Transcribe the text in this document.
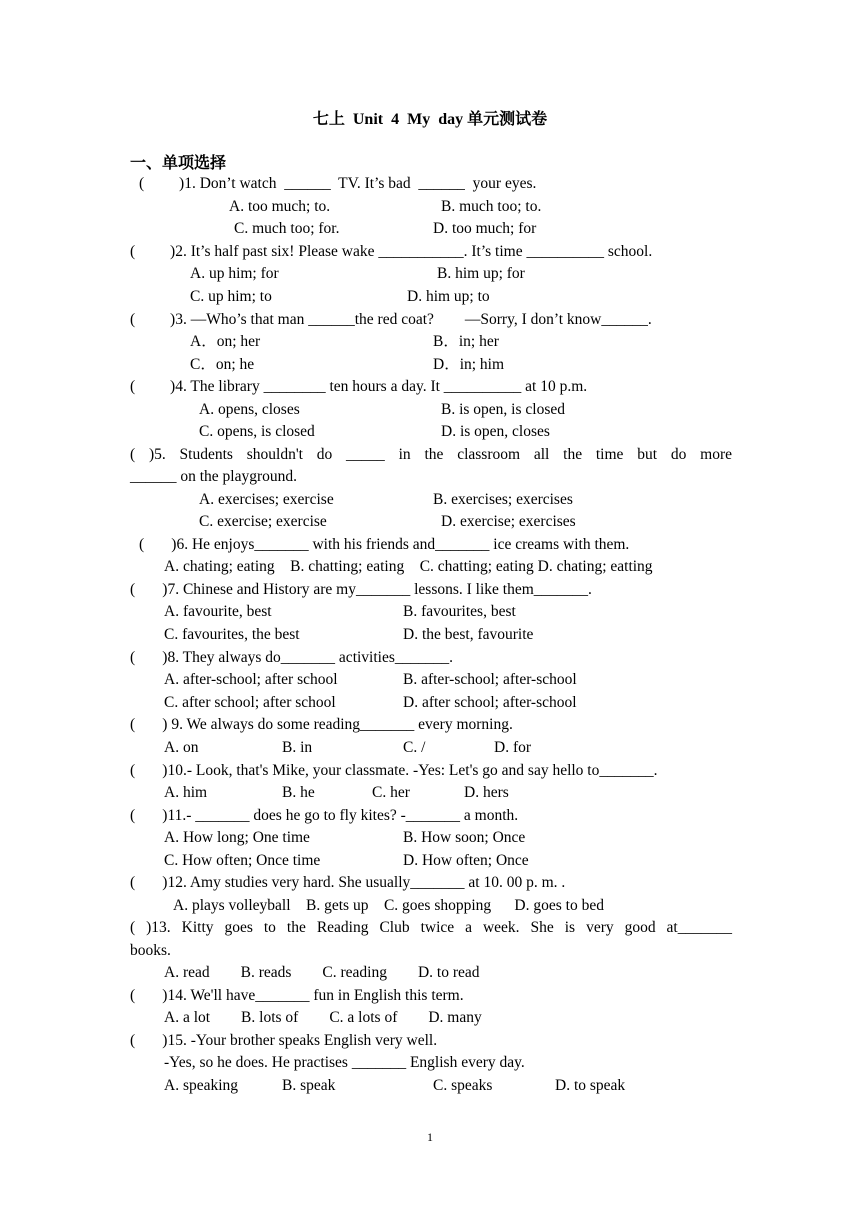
七上  Unit  4  My  day 单元测试卷
一、单项选择
(         )1. Don’t watch  ______  TV. It’s bad  ______  your eyes.
A. too much; to.	B. much too; to.
C. much too; for.	D. too much; for
(         )2. It’s half past six! Please wake ___________. It’s time __________ school.
A. up him; for	B. him up; for
C. up him; to	D. him up; to
(         )3. —Who’s that man ______the red coat?        —Sorry, I don’t know______.
A．on; her	B．in; her
C．on; he	D．in; him
(         )4. The library ________ ten hours a day. It __________ at 10 p.m.
A. opens, closes	B. is open, is closed
C. opens, is closed	D. is open, closes
( )5. Students shouldn't do _____ in the classroom all the time but do more
______ on the playground.
A. exercises; exercise	B. exercises; exercises
C. exercise; exercise	D. exercise; exercises
(       )6. He enjoys_______ with his friends and_______ ice creams with them.
A. chating; eating    B. chatting; eating    C. chatting; eating D. chating; eatting
(       )7. Chinese and History are my_______ lessons. I like them_______.
A. favourite, best	B. favourites, best
C. favourites, the best	D. the best, favourite
(       )8. They always do_______ activities_______.
A. after-school; after school	B. after-school; after-school
C. after school; after school	D. after school; after-school
(       ) 9. We always do some reading_______ every morning.
A. on	B. in	C. /	D. for
(       )10.- Look, that's Mike, your classmate. -Yes: Let's go and say hello to_______.
A. him	B. he	C. her	D. hers
(       )11.- _______ does he go to fly kites? -_______ a month.
A. How long; One time	B. How soon; Once
C. How often; Once time	D. How often; Once
(       )12. Amy studies very hard. She usually_______ at 10. 00 p. m. .
A. plays volleyball    B. gets up    C. goes shopping      D. goes to bed
( )13. Kitty goes to the Reading Club twice a week. She is very good at_______
books.
A. read        B. reads        C. reading        D. to read
(       )14. We'll have_______ fun in English this term.
A. a lot        B. lots of        C. a lots of        D. many
(       )15. -Your brother speaks English very well.
-Yes, so he does. He practises _______ English every day.
A. speaking	B. speak	C. speaks	D. to speak
1
